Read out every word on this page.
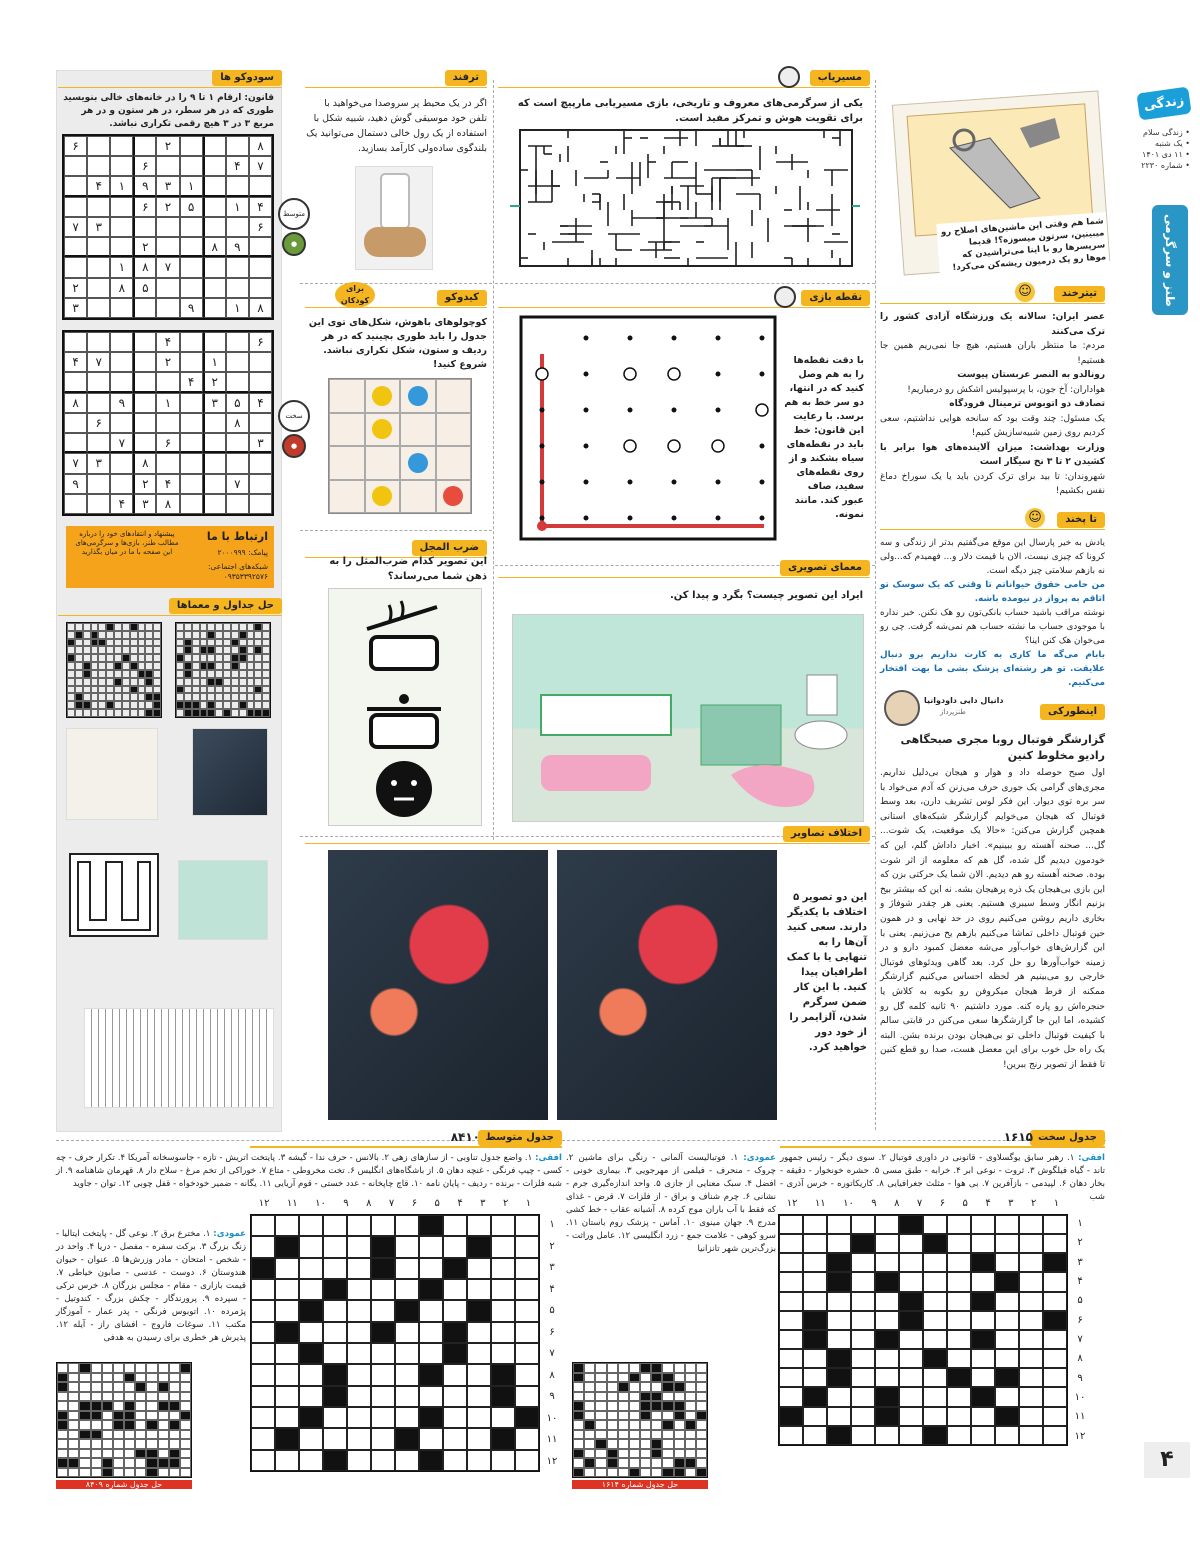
زندگی
• زندگی سلام
• یک شنبه
• ۱۱ دی ۱۴۰۱
• شماره ۲۲۳۰
طنز و سرگرمی
۴
شما هم وقتی این ماشین‌های اصلاح رو میبینین، سرتون میسوزه؟! قدیما سرپسرها رو با اینا می‌تراشیدن که موها رو یک درمیون ریشه‌کن می‌کرد!
تیترخند
☺

عصر ایران: سالانه یک ورزشگاه آزادی کشور را ترک می‌کنند

مردم: ما منتظر باران هستیم، هیچ جا نمی‌ریم همین جا هستیم!

رونالدو به النصر عربستان پیوست

هواداران: آخ جون، با پرسپولیس اشکش رو درمیاریم!

تصادف دو اتوبوس ترمینال فرودگاه

یک مسئول: چند وقت بود که سانحه هوایی نداشتیم، سعی کردیم روی زمین شبیه‌سازیش کنیم!

وزارت بهداشت: میزان آلاینده‌های هوا برابر با کشیدن ۲ تا ۳ نخ سیگار است

شهروندان: تا بید برای ترک کردن باید یا یک سوراخ دماغ نفس بکشیم!

تا پخند
☺

یادش به خیر پارسال این موقع می‌گفتیم بدتر از زندگی و سه کرونا که چیزی نیست، الان با قیمت دلار و... فهمیدم که...ولی نه بازهم سلامتی چیز دیگه است.

من حامی حقوق حیواناتم تا وقتی که یک سوسک تو اتاقم به پرواز در نیومده باشه.

نوشته مراقب باشید حساب بانکی‌تون رو هک نکنن. خبر نداره با موجودی حساب ما نشته حساب هم نمی‌شه گرفت. چی رو می‌خوان هک کنن اینا؟

بابام می‌گه ما کاری به کارت نداریم برو دنبال علایقت. تو هر رشته‌ای پزشک بشی ما بهت افتخار می‌کنیم.

اینطورکی
دانیال دایی داودوانیا
طنزپرداز
گزارشگر فوتبال روبا مجری صبحگاهی رادیو مخلوط کنین
اول صبح حوصله داد و هوار و هیجان بی‌دلیل نداریم. مجری‌های گرامی یک جوری حرف می‌زنن که آدم می‌خواد با سر بره توی دیوار. این فکر لوس تشریف دارن، بعد وسط فوتبال که هیجان می‌خوایم گزارشگر شبکه‌های استانی همچین گزارش می‌کنن: «حالا یک موقعیت، یک شوت... گل... صحنه آهسته رو ببینیم». اخبار داداش گلم، این که خودمون دیدیم گل شده، گل هم که معلومه از اثر شوت بوده. صحنه آهسته رو هم دیدیم. الان شما یک حرکتی بزن که این بازی بی‌هیجان یک ذره پرهیجان بشه. نه این که بیشتر بیخ بزنیم انگار وسط سیبری هستیم. یعنی هر چقدر شوفاژ و بخاری داریم روشن می‌کنیم روی در حد نهایی و در همون حین فوتبال داخلی تماشا می‌کنیم بازهم یخ می‌زنیم. یعنی با این گزارش‌های خواب‌آور می‌شه معضل کمبود دارو و در زمینه خواب‌آورها رو حل کرد. بعد گاهی ویدئوهای فوتبال خارجی رو می‌بینیم هر لحظه احساس می‌کنیم گزارشگر ممکنه از فرط هیجان میکروفن رو بکوبه به کلاش یا حنجره‌اش رو پاره کنه. مورد داشتیم ۹۰ ثانیه کلمه گل رو کشیده، اما این جا گزارشگرها سعی می‌کنن در قابتی سالم با کیفیت فوتبال داخلی تو بی‌هیجان بودن برنده بشن. البته یک راه حل خوب برای این معضل هست، صدا رو قطع کنین تا فقط از تصویر رنج ببرین!
مسیریاب
یکی از سرگرمی‌های معروف و تاریخی، بازی مسیریابی مارپیچ است که برای تقویت هوش و تمرکز مفید است.
ترفند
اگر در یک محیط پر سروصدا می‌خواهید با تلفن خود موسیقی گوش دهید، شبیه شکل با استفاده از یک رول خالی دستمال می‌توانید یک بلندگوی ساده‌ولی کارآمد بسازید.
سودوکو ها
قانون: ارقام ۱ تا ۹ را در خانه‌های خالی بنویسید طوری که در هر سطر، در هر ستون و در هر مربع ۳ در ۳ هیچ رقمی تکراری نباشد.
۸
۲
۶
۷
۴
۶
۱
۳
۹
۱
۴
۴
۱
۵
۲
۶
۶
۳
۷
۹
۸
۲
۷
۸
۱
۵
۸
۲
۸
۱
۹
۳
۶
۴
۱
۲
۷
۴
۲
۴
۴
۵
۳
۱
۹
۸
۸
۶
۳
۶
۷
۸
۳
۷
۷
۴
۲
۹
۸
۳
۴
متوسط
●
سخت
●
ارتباط با ما
پیشنهاد و انتقادهای خود را درباره مطالب طنز، بازی‌ها و سرگرمی‌های این صفحه با ما در میان بگذارید	پیامک: ۲۰۰۰۹۹۹
شبکه‌های اجتماعی: ۰۹۳۵۳۳۹۲۵۷۶
حل جداول و معماها
کیدوکو
برای کودکان
کوچولوهای باهوش، شکل‌های توی این جدول را باید طوری بچینید که در هر ردیف و ستون، شکل تکراری نباشد. شروع کنید!
نقطه بازی
با دقت نقطه‌ها را به هم وصل کنید که در انتها، دو سر خط به هم برسد. با رعایت این قانون: خط باید در نقطه‌های سیاه بشکند و از روی نقطه‌های سفید، صاف عبور کند. مانند نمونه.
ضرب المجل
این تصویر کدام ضرب‌المثل را به ذهن شما می‌رساند؟
معمای تصویری
ایراد این تصویر چیست؟ بگرد و پیدا کن.
اختلاف تصاویر
این دو تصویر ۵ اختلاف با یکدیگر دارند. سعی کنید آن‌ها را به تنهایی یا با کمک اطرافیان پیدا کنید. با این کار ضمن سرگرم شدن، آلزایمر را از خود دور خواهید کرد.
جدول سخت
۱۶۱۵
افقی: ۱. رهبر سابق یوگسلاوی - قانونی در داوری فوتبال ۲. سوی دیگر - رئیس جمهور تاند - گیاه فیلگوش ۳. ثروت - نوعی ابر ۴. خرابه - طبق مسی ۵. حشره خونخوار - دقیقه - بخار دهان ۶. لپیدمی - بازآفرین ۷. بی هوا - مثلث جغرافیایی ۸. کاریکاتوره - خرس آذری - شب
عمودی: ۱. فوتبالیست آلمانی - رنگی برای ماشین ۲. چروک - منحرف - فیلمی از مهرجویی ۳. بیماری خونی - افضل ۴. سبک معنایی از جازی ۵. واحد اندازه‌گیری جرم - نشانی ۶. چرم شناف و براق - از فلزات ۷. قرض - غذای که فقط با آب باران موج کرده ۸. آشیانه عقاب - خط کشی مدرج ۹. جهان مینوی ۱۰. آماس - پزشک روم باستان ۱۱. سرو کوهی - علامت جمع - زرد انگلیسی ۱۲. عامل وراثت - بزرگ‌ترین شهر تانزانیا
۱۲ ۱۱ ۱۰ ۹ ۸ ۷ ۶ ۵ ۴ ۳ ۲ ۱
۱
۲
۳
۴
۵
۶
۷
۸
۹
۱۰
۱۱
۱۲
جدول متوسط
۸۴۱۰
افقی: ۱. واضع جدول تناوبی - از سازهای زهی ۲. بالانس - حرف ندا - گیشه ۳. پایتخت اتریش - تازه - جاسوسخانه آمریکا ۴. تکرار حرف - چه کسی - چیپ فرنگی - غنچه دهان ۵. از باشگاه‌های انگلیس ۶. تخت مخروطی - متاع ۷. خوراکی از تخم مرغ - سلاح دار ۸. قهرمان شاهنامه ۹. از شبه فلزات - برنده - ردیف - پایان نامه ۱۰. قاچ چاپخانه - عدد خستی - قوم آریایی ۱۱. یگانه - ضمیر خودخواه - قفل چوبی ۱۲. توان - جاوید
عمودی: ۱. مخترع برق ۲. نوعی گل - پایتخت ایتالیا - زنگ بزرگ ۳. برکت سفره - مفصل - دریا ۴. واحد در - شخص - امتحان - مادر وزرش‌ها ۵. عنوان - حیوان هندوستان ۶. دوست - عدسی - صابون خیاطی ۷. قیمت بازاری - مقام - مجلس بزرگان ۸. خرس ترکی - سپرده ۹. پرورندگار - چکش بزرگ - کندوتیل - پژمرده ۱۰. اتوبوس فرنگی - پدر عمار - آموزگار مکتب ۱۱. سوغات فاروج - افشای راز - آیله ۱۲. پذیرش هر خطری برای رسیدن به هدفی
۱۲ ۱۱ ۱۰ ۹ ۸ ۷ ۶ ۵ ۴ ۳ ۲ ۱
۱
۲
۳
۴
۵
۶
۷
۸
۹
۱۰
۱۱
۱۲
حل جدول شماره ۸۴۰۹	حل جدول شماره ۱۶۱۴
